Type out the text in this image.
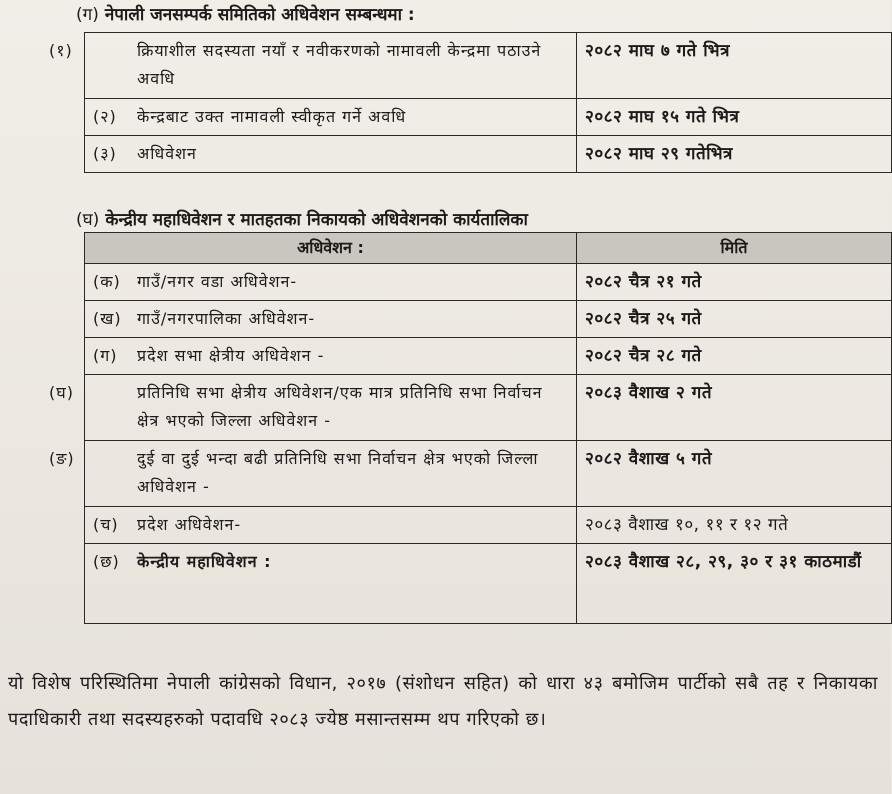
(ग) नेपाली जनसम्पर्क समितिको अधिवेशन सम्बन्धमा :
(१) क्रियाशील सदस्यता नयाँ र नवीकरणको नामावली केन्द्रमा पठाउने अवधि	२०८२ माघ ७ गते भित्र
(२) केन्द्रबाट उक्त नामावली स्वीकृत गर्ने अवधि	२०८२ माघ १५ गते भित्र
(३) अधिवेशन	२०८२ माघ २९ गतेभित्र
(घ) केन्द्रीय महाधिवेशन र मातहतका निकायको अधिवेशनको कार्यतालिका
अधिवेशन :	मिति
(क) गाउँ/नगर वडा अधिवेशन-	२०८२ चैत्र २१ गते
(ख) गाउँ/नगरपालिका अधिवेशन-	२०८२ चैत्र २५ गते
(ग) प्रदेश सभा क्षेत्रीय अधिवेशन -	२०८२ चैत्र २८ गते

(घ) प्रतिनिधि सभा क्षेत्रीय अधिवेशन/एक मात्र प्रतिनिधि सभा निर्वाचन क्षेत्र भएको जिल्ला अधिवेशन -	२०८३ वैशाख २ गते

(ङ) दुई वा दुई भन्दा बढी प्रतिनिधि सभा निर्वाचन क्षेत्र भएको जिल्ला अधिवेशन -	२०८२ वैशाख ५ गते
(च) प्रदेश अधिवेशन-	२०८३ वैशाख १०, ११ र १२ गते
(छ) केन्द्रीय महाधिवेशन :	२०८३ वैशाख २८, २९, ३० र ३१ काठमाडौं
यो विशेष परिस्थितिमा नेपाली कांग्रेसको विधान, २०१७ (संशोधन सहित) को धारा ४३ बमोजिम पार्टीको सबै तह र निकायका पदाधिकारी तथा सदस्यहरुको पदावधि २०८३ ज्येष्ठ मसान्तसम्म थप गरिएको छ।
